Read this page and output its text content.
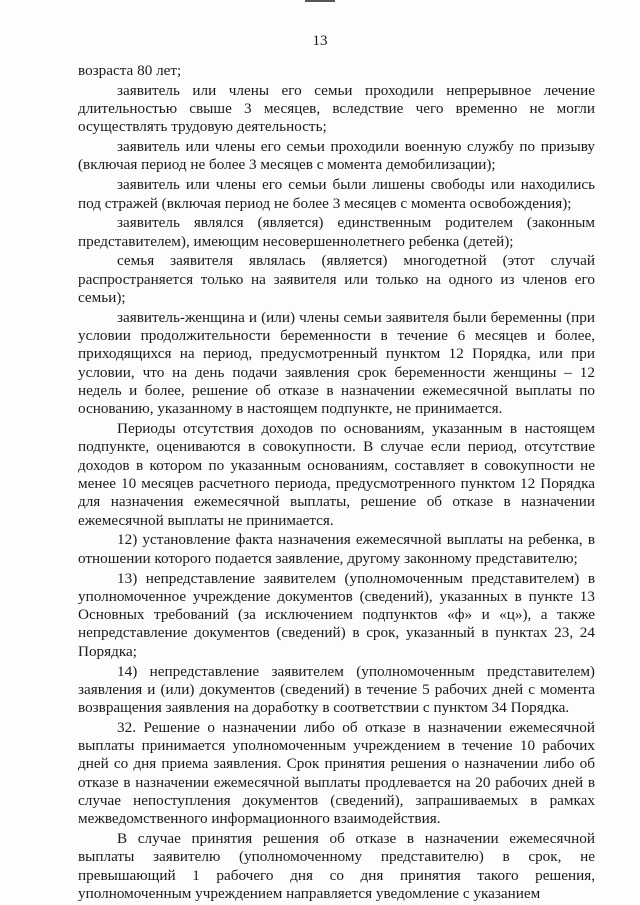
13

возраста 80 лет;

заявитель или члены его семьи проходили непрерывное лечение длительностью свыше 3 месяцев, вследствие чего временно не могли осуществлять трудовую деятельность;

заявитель или члены его семьи проходили военную службу по призыву (включая период не более 3 месяцев с момента демобилизации);

заявитель или члены его семьи были лишены свободы или находились под стражей (включая период не более 3 месяцев с момента освобождения);

заявитель являлся (является) единственным родителем (законным представителем), имеющим несовершеннолетнего ребенка (детей);

семья заявителя являлась (является) многодетной (этот случай распространяется только на заявителя или только на одного из членов его семьи);

заявитель-женщина и (или) члены семьи заявителя были беременны (при условии продолжительности беременности в течение 6 месяцев и более, приходящихся на период, предусмотренный пунктом 12 Порядка, или при условии, что на день подачи заявления срок беременности женщины – 12 недель и более, решение об отказе в назначении ежемесячной выплаты по основанию, указанному в настоящем подпункте, не принимается.

Периоды отсутствия доходов по основаниям, указанным в настоящем подпункте, оцениваются в совокупности. В случае если период, отсутствие доходов в котором по указанным основаниям, составляет в совокупности не менее 10 месяцев расчетного периода, предусмотренного пунктом 12 Порядка для назначения ежемесячной выплаты, решение об отказе в назначении ежемесячной выплаты не принимается.

12) установление факта назначения ежемесячной выплаты на ребенка, в отношении которого подается заявление, другому законному представителю;

13) непредставление заявителем (уполномоченным представителем) в уполномоченное учреждение документов (сведений), указанных в пункте 13 Основных требований (за исключением подпунктов «ф» и «ц»), а также непредставление документов (сведений) в срок, указанный в пунктах 23, 24 Порядка;

14) непредставление заявителем (уполномоченным представителем) заявления и (или) документов (сведений) в течение 5 рабочих дней с момента возвращения заявления на доработку в соответствии с пунктом 34 Порядка.

32. Решение о назначении либо об отказе в назначении ежемесячной выплаты принимается уполномоченным учреждением в течение 10 рабочих дней со дня приема заявления. Срок принятия решения о назначении либо об отказе в назначении ежемесячной выплаты продлевается на 20 рабочих дней в случае непоступления документов (сведений), запрашиваемых в рамках межведомственного информационного взаимодействия.

В случае принятия решения об отказе в назначении ежемесячной выплаты заявителю (уполномоченному представителю) в срок, не превышающий 1 рабочего дня со дня принятия такого решения, уполномоченным учреждением направляется уведомление с указанием
